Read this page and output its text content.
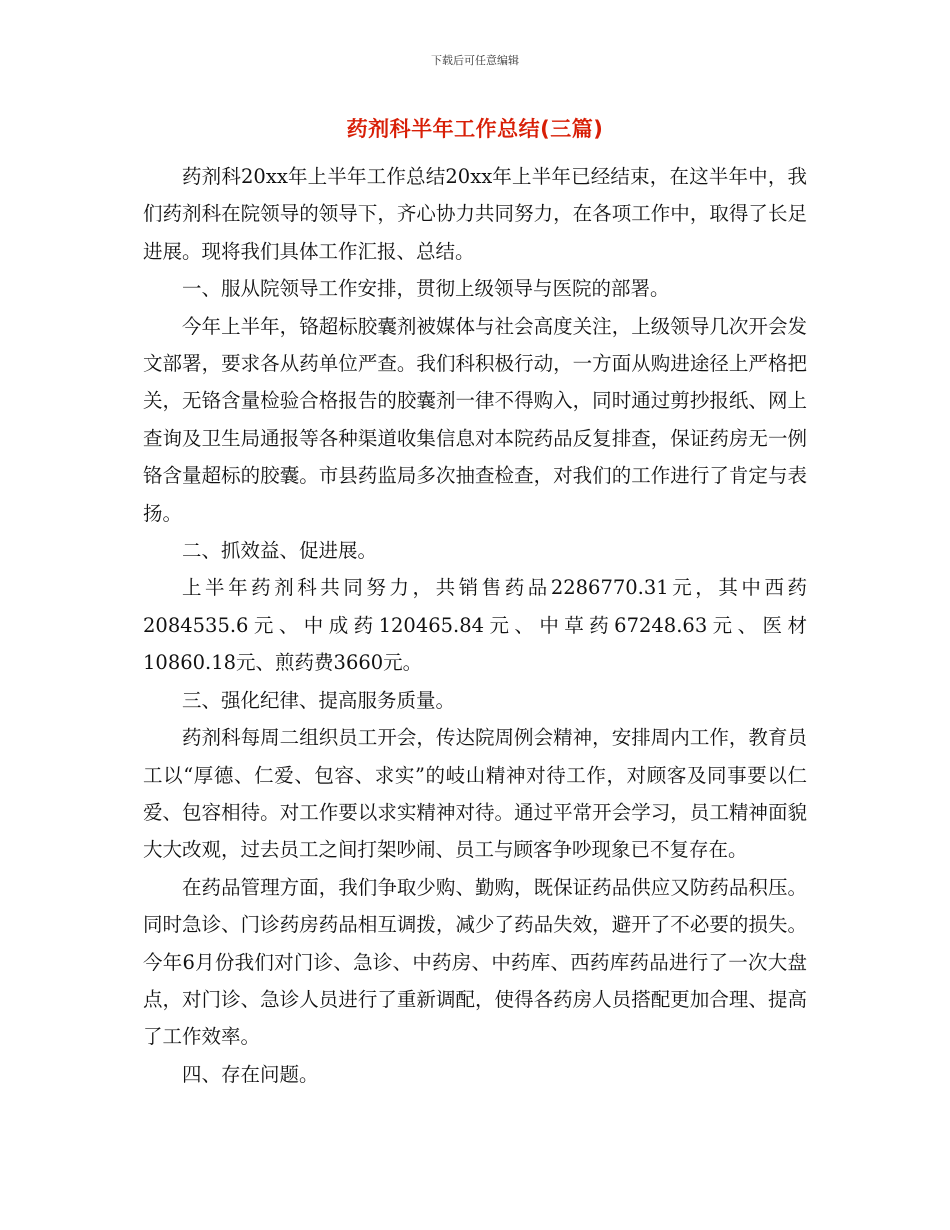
下载后可任意编辑
药剂科半年工作总结(三篇)

药剂科20xx年上半年工作总结20xx年上半年已经结束，在这半年中，我们药剂科在院领导的领导下，齐心协力共同努力，在各项工作中，取得了长足进展。现将我们具体工作汇报、总结。

一、服从院领导工作安排，贯彻上级领导与医院的部署。

今年上半年，铬超标胶囊剂被媒体与社会高度关注，上级领导几次开会发文部署，要求各从药单位严查。我们科积极行动，一方面从购进途径上严格把关，无铬含量检验合格报告的胶囊剂一律不得购入，同时通过剪抄报纸、网上查询及卫生局通报等各种渠道收集信息对本院药品反复排查，保证药房无一例铬含量超标的胶囊。市县药监局多次抽查检查，对我们的工作进行了肯定与表扬。

二、抓效益、促进展。

上半年药剂科共同努力，共销售药品2286770.31元，其中西药2084535.6元、中成药120465.84元、中草药67248.63元、医材10860.18元、煎药费3660元。

三、强化纪律、提高服务质量。

药剂科每周二组织员工开会，传达院周例会精神，安排周内工作，教育员工以“厚德、仁爱、包容、求实”的岐山精神对待工作，对顾客及同事要以仁爱、包容相待。对工作要以求实精神对待。通过平常开会学习，员工精神面貌大大改观，过去员工之间打架吵闹、员工与顾客争吵现象已不复存在。

在药品管理方面，我们争取少购、勤购，既保证药品供应又防药品积压。同时急诊、门诊药房药品相互调拨，减少了药品失效，避开了不必要的损失。今年6月份我们对门诊、急诊、中药房、中药库、西药库药品进行了一次大盘点，对门诊、急诊人员进行了重新调配，使得各药房人员搭配更加合理、提高了工作效率。

四、存在问题。
